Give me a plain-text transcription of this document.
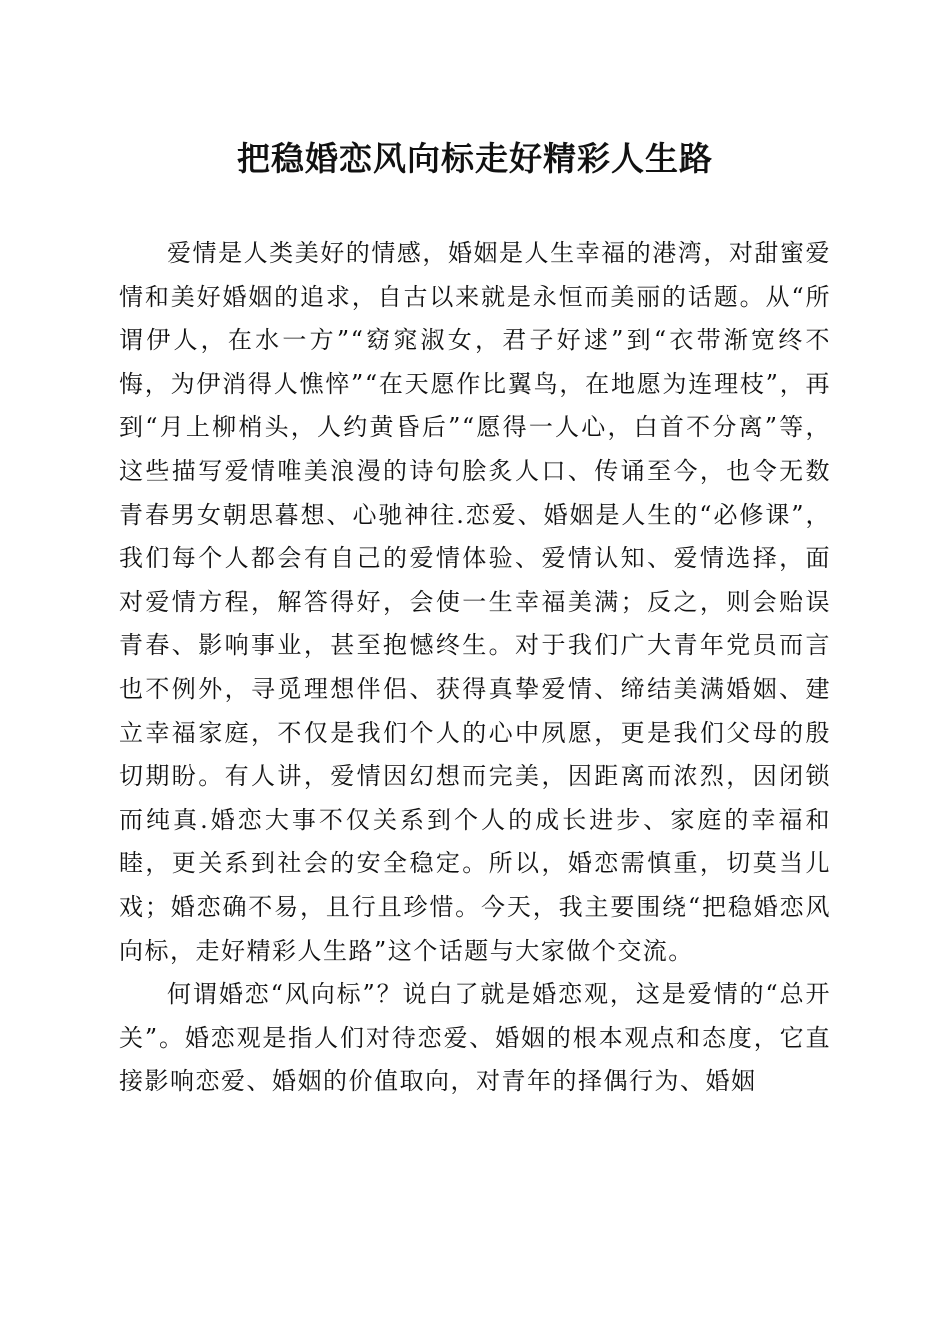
把稳婚恋风向标走好精彩人生路

爱情是人类美好的情感，婚姻是人生幸福的港湾，对甜蜜爱情和美好婚姻的追求，自古以来就是永恒而美丽的话题。从“所谓伊人，在水一方”“窈窕淑女，君子好逑”到“衣带渐宽终不悔，为伊消得人憔悴”“在天愿作比翼鸟，在地愿为连理枝”，再到“月上柳梢头，人约黄昏后”“愿得一人心，白首不分离”等，这些描写爱情唯美浪漫的诗句脍炙人口、传诵至今，也令无数青春男女朝思暮想、心驰神往.恋爱、婚姻是人生的“必修课”，我们每个人都会有自己的爱情体验、爱情认知、爱情选择，面对爱情方程，解答得好，会使一生幸福美满；反之，则会贻误青春、影响事业，甚至抱憾终生。对于我们广大青年党员而言也不例外，寻觅理想伴侣、获得真挚爱情、缔结美满婚姻、建立幸福家庭，不仅是我们个人的心中夙愿，更是我们父母的殷切期盼。有人讲，爱情因幻想而完美，因距离而浓烈，因闭锁而纯真.婚恋大事不仅关系到个人的成长进步、家庭的幸福和睦，更关系到社会的安全稳定。所以，婚恋需慎重，切莫当儿戏；婚恋确不易，且行且珍惜。今天，我主要围绕“把稳婚恋风向标，走好精彩人生路”这个话题与大家做个交流。

何谓婚恋“风向标”？说白了就是婚恋观，这是爱情的“总开关”。婚恋观是指人们对待恋爱、婚姻的根本观点和态度，它直接影响恋爱、婚姻的价值取向，对青年的择偶行为、婚姻
